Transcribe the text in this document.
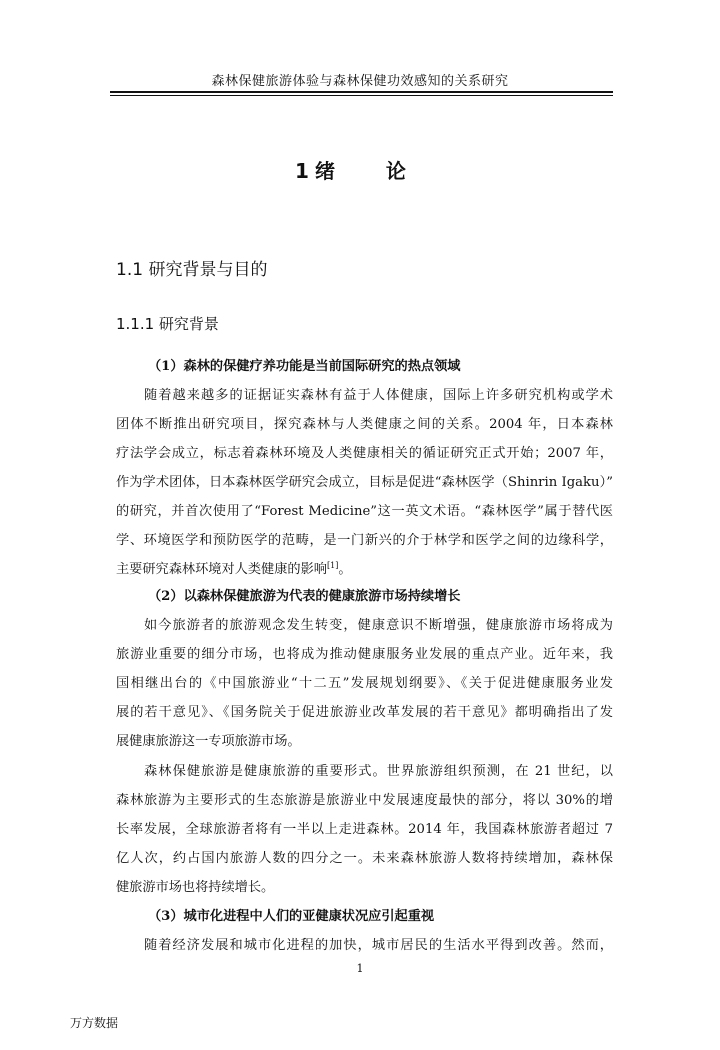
森林保健旅游体验与森林保健功效感知的关系研究
1 绪 论
1.1 研究背景与目的
1.1.1 研究背景
（1）森林的保健疗养功能是当前国际研究的热点领域
随着越来越多的证据证实森林有益于人体健康，国际上许多研究机构或学术
团体不断推出研究项目，探究森林与人类健康之间的关系。2004 年，日本森林
疗法学会成立，标志着森林环境及人类健康相关的循证研究正式开始；2007 年，
作为学术团体，日本森林医学研究会成立，目标是促进“森林医学（Shinrin Igaku）”
的研究，并首次使用了“Forest Medicine”这一英文术语。“森林医学”属于替代医
学、环境医学和预防医学的范畴，是一门新兴的介于林学和医学之间的边缘科学，
主要研究森林环境对人类健康的影响[1]。
（2）以森林保健旅游为代表的健康旅游市场持续增长
如今旅游者的旅游观念发生转变，健康意识不断增强，健康旅游市场将成为
旅游业重要的细分市场，也将成为推动健康服务业发展的重点产业。近年来，我
国相继出台的《中国旅游业“十二五”发展规划纲要》、《关于促进健康服务业发
展的若干意见》、《国务院关于促进旅游业改革发展的若干意见》都明确指出了发
展健康旅游这一专项旅游市场。
森林保健旅游是健康旅游的重要形式。世界旅游组织预测，在 21 世纪，以
森林旅游为主要形式的生态旅游是旅游业中发展速度最快的部分，将以 30%的增
长率发展，全球旅游者将有一半以上走进森林。2014 年，我国森林旅游者超过 7
亿人次，约占国内旅游人数的四分之一。未来森林旅游人数将持续增加，森林保
健旅游市场也将持续增长。
（3）城市化进程中人们的亚健康状况应引起重视
随着经济发展和城市化进程的加快，城市居民的生活水平得到改善。然而，
1
万方数据
